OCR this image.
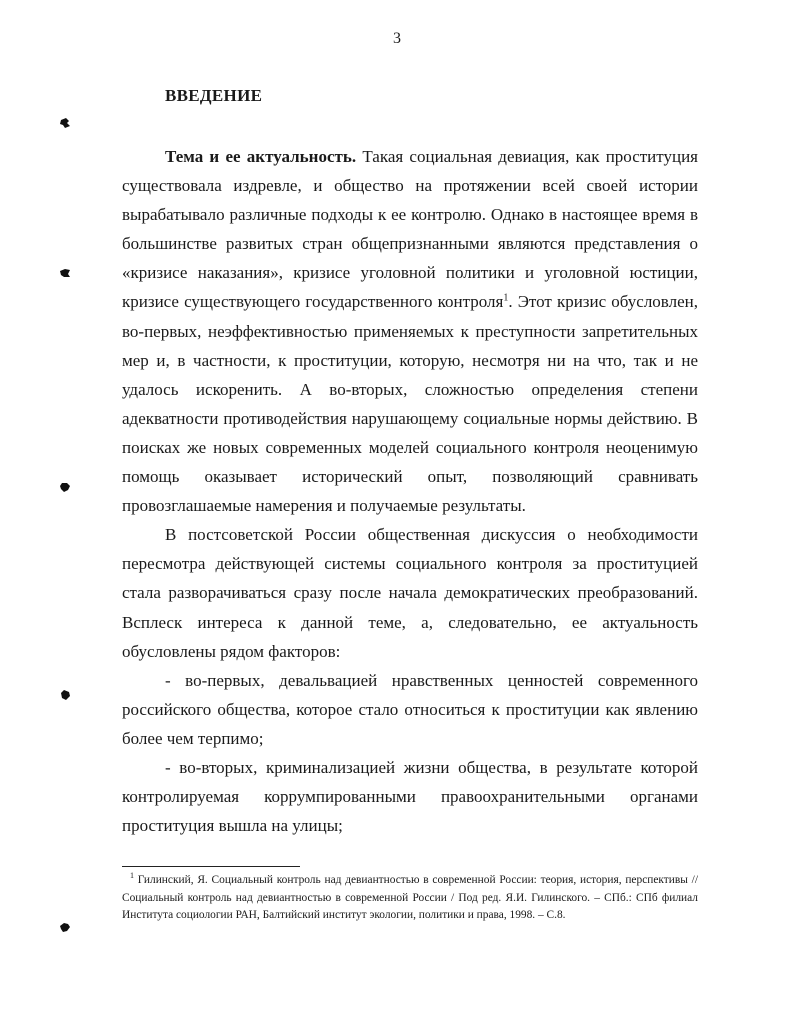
3
ВВЕДЕНИЕ

Тема и ее актуальность. Такая социальная девиация, как проституция существовала издревле, и общество на протяжении всей своей истории вырабатывало различные подходы к ее контролю. Однако в настоящее время в большинстве развитых стран общепризнанными являются представления о «кризисе наказания», кризисе уголовной политики и уголовной юстиции, кризисе существующего государственного контроля$^1$. Этот кризис обусловлен, во-первых, неэффективностью применяемых к преступности запретительных мер и, в частности, к проституции, которую, несмотря ни на что, так и не удалось искоренить. А во-вторых, сложностью определения степени адекватности противодействия нарушающему социальные нормы действию. В поисках же новых современных моделей социального контроля неоценимую помощь оказывает исторический опыт, позволяющий сравнивать провозглашаемые намерения и получаемые результаты.

В постсоветской России общественная дискуссия о необходимости пересмотра действующей системы социального контроля за проституцией стала разворачиваться сразу после начала демократических преобразований. Всплеск интереса к данной теме, а, следовательно, ее актуальность обусловлены рядом факторов:

- во-первых, девальвацией нравственных ценностей современного российского общества, которое стало относиться к проституции как явлению более чем терпимо;

- во-вторых, криминализацией жизни общества, в результате которой контролируемая коррумпированными правоохранительными органами проституция вышла на улицы;

$^1$ Гилинский, Я. Социальный контроль над девиантностью в современной России: теория, история, перспективы // Социальный контроль над девиантностью в современной России / Под ред. Я.И. Гилинского. – СПб.: СПб филиал Института социологии РАН, Балтийский институт экологии, политики и права, 1998. – С.8.
